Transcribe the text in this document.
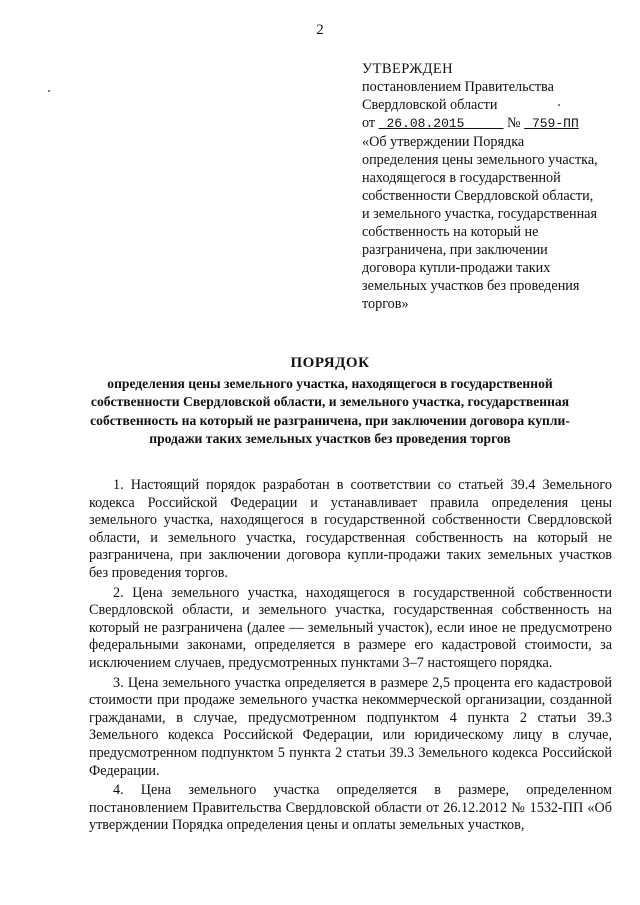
2
УТВЕРЖДЕН
постановлением Правительства
Свердловской области
от 26.08.2015	№ 759-ПП
«Об утверждении Порядка определения цены земельного участка, находящегося в государственной собственности Свердловской области, и земельного участка, государственная собственность на который не разграничена, при заключении договора купли-продажи таких земельных участков без проведения торгов»
ПОРЯДОК
определения цены земельного участка, находящегося в государственной собственности Свердловской области, и земельного участка, государственная собственность на который не разграничена, при заключении договора купли-продажи таких земельных участков без проведения торгов

1. Настоящий порядок разработан в соответствии со статьей 39.4 Земельного кодекса Российской Федерации и устанавливает правила определения цены земельного участка, находящегося в государственной собственности Свердловской области, и земельного участка, государственная собственность на который не разграничена, при заключении договора купли-продажи таких земельных участков без проведения торгов.

2. Цена земельного участка, находящегося в государственной собственности Свердловской области, и земельного участка, государственная собственность на который не разграничена (далее — земельный участок), если иное не предусмотрено федеральными законами, определяется в размере его кадастровой стоимости, за исключением случаев, предусмотренных пунктами 3–7 настоящего порядка.

3. Цена земельного участка определяется в размере 2,5 процента его кадастровой стоимости при продаже земельного участка некоммерческой организации, созданной гражданами, в случае, предусмотренном подпунктом 4 пункта 2 статьи 39.3 Земельного кодекса Российской Федерации, или юридическому лицу в случае, предусмотренном подпунктом 5 пункта 2 статьи 39.3 Земельного кодекса Российской Федерации.

4. Цена земельного участка определяется в размере, определенном постановлением Правительства Свердловской области от 26.12.2012 № 1532-ПП «Об утверждении Порядка определения цены и оплаты земельных участков,
